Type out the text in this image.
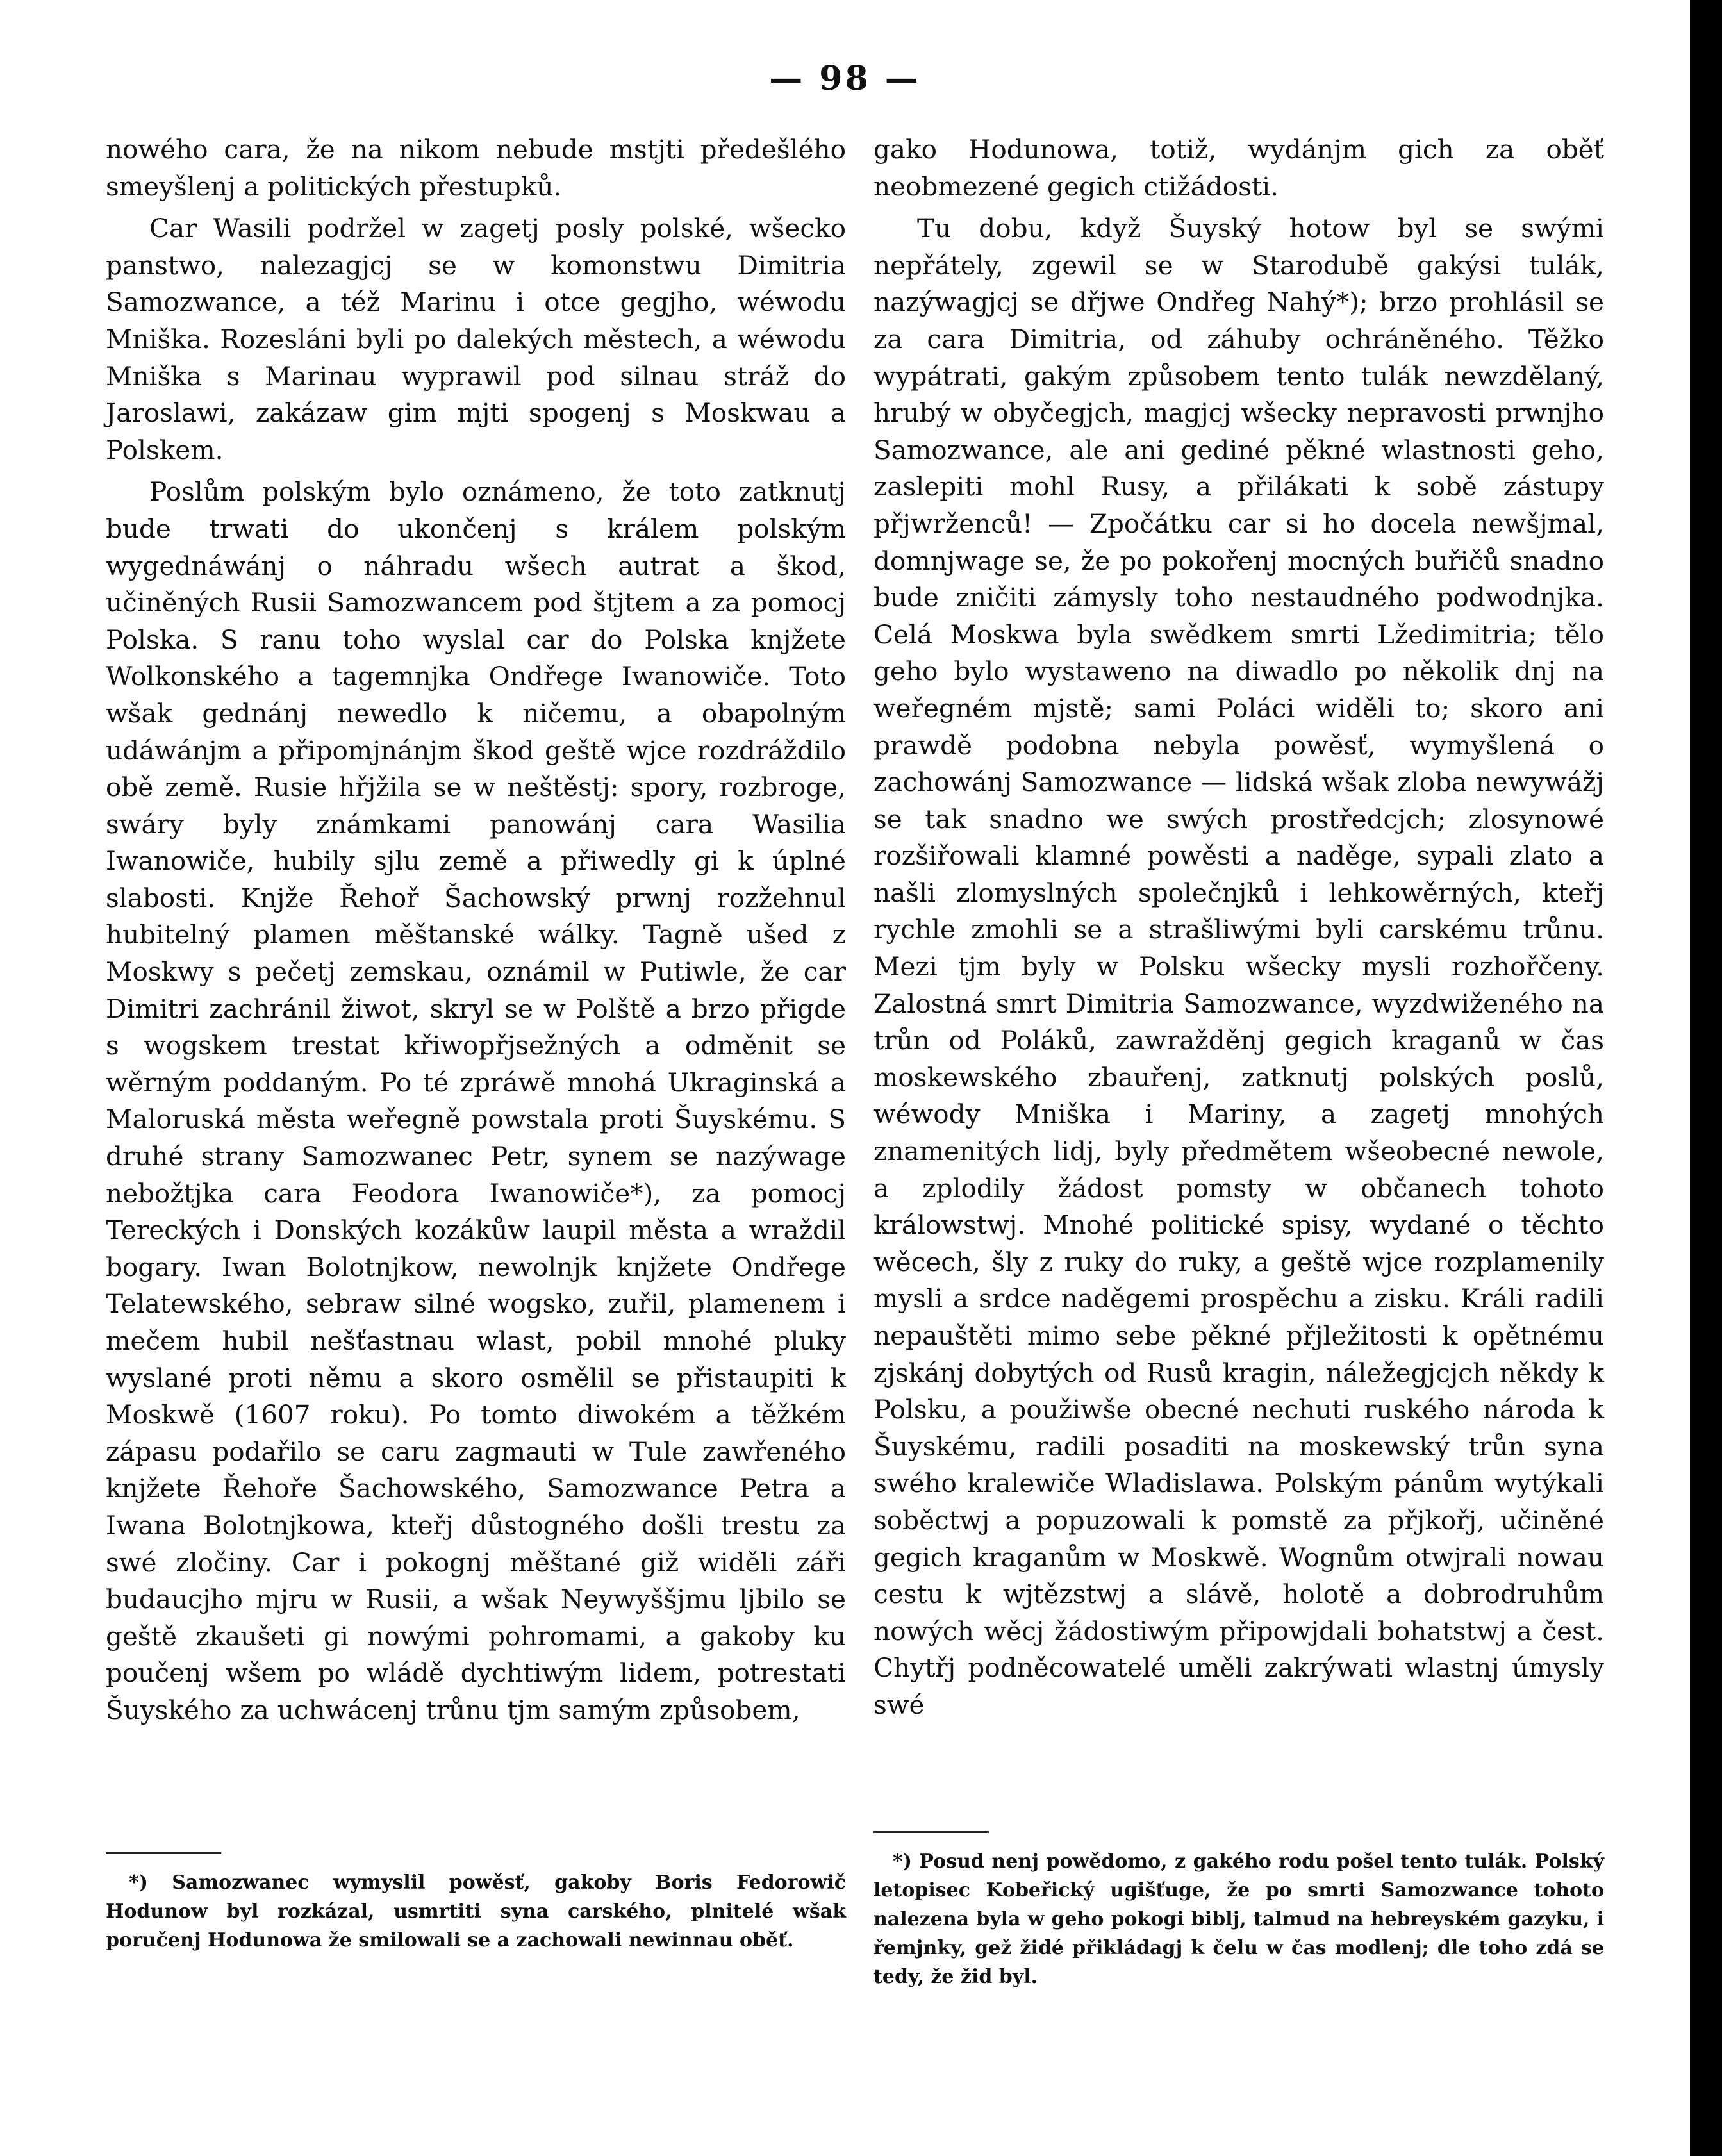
— 98 —

nowého cara, že na nikom nebude mstjti předešlého smeyšlenj a politických přestupků.

Car Wasili podržel w zagetj posly polské, wšecko panstwo, nalezagjcj se w komonstwu Dimitria Samozwance, a též Marinu i otce gegjho, wéwodu Mniška. Rozesláni byli po dalekých městech, a wéwodu Mniška s Marinau wyprawil pod silnau stráž do Jaroslawi, zakázaw gim mjti spogenj s Moskwau a Polskem.

Poslům polským bylo oznámeno, že toto zatknutj bude trwati do ukončenj s králem polským wygednáwánj o náhradu wšech autrat a škod, učiněných Rusii Samozwancem pod štjtem a za pomocj Polska. S ranu toho wyslal car do Polska knjžete Wolkonského a tagemnjka Ondřege Iwanowiče. Toto wšak gednánj newedlo k ničemu, a obapolným udáwánjm a připomjnánjm škod geště wjce rozdráždilo obě země. Rusie hřjžila se w neštěstj: spory, rozbroge, swáry byly známkami panowánj cara Wasilia Iwanowiče, hubily sjlu země a přiwedly gi k úplné slabosti. Knjže Řehoř Šachowský prwnj rozžehnul hubitelný plamen měštanské wálky. Tagně ušed z Moskwy s pečetj zemskau, oznámil w Putiwle, že car Dimitri zachránil žiwot, skryl se w Polště a brzo přigde s wogskem trestat křiwopřjsežných a odměnit se wěrným poddaným. Po té zpráwě mnohá Ukraginská a Maloruská města weřegně powstala proti Šuyskému. S druhé strany Samozwanec Petr, synem se nazýwage nebožtjka cara Feodora Iwanowiče*), za pomocj Tereckých i Donských kozákůw laupil města a wraždil bogary. Iwan Bolotnjkow, newolnjk knjžete Ondřege Telatewského, sebraw silné wogsko, zuřil, plamenem i mečem hubil nešťastnau wlast, pobil mnohé pluky wyslané proti němu a skoro osmělil se přistaupiti k Moskwě (1607 roku). Po tomto diwokém a těžkém zápasu podařilo se caru zagmauti w Tule zawřeného knjžete Řehoře Šachowského, Samozwance Petra a Iwana Bolotnjkowa, kteřj důstogného došli trestu za swé zločiny. Car i pokognj měštané giž widěli záři budaucjho mjru w Rusii, a wšak Neywyššjmu ljbilo se geště zkaušeti gi nowými pohromami, a gakoby ku poučenj wšem po wládě dychtiwým lidem, potrestati Šuyského za uchwácenj trůnu tjm samým způsobem,

gako Hodunowa, totiž, wydánjm gich za oběť neobmezené gegich ctižádosti.

Tu dobu, když Šuyský hotow byl se swými nepřátely, zgewil se w Starodubě gakýsi tulák, nazýwagjcj se dřjwe Ondřeg Nahý*); brzo prohlásil se za cara Dimitria, od záhuby ochráněného. Těžko wypátrati, gakým způsobem tento tulák newzdělaný, hrubý w obyčegjch, magjcj wšecky nepravosti prwnjho Samozwance, ale ani gediné pěkné wlastnosti geho, zaslepiti mohl Rusy, a přilákati k sobě zástupy přjwrženců! — Zpočátku car si ho docela newšjmal, domnjwage se, že po pokořenj mocných buřičů snadno bude zničiti zámysly toho nestaudného podwodnjka. Celá Moskwa byla swědkem smrti Lžedimitria; tělo geho bylo wystaweno na diwadlo po několik dnj na weřegném mjstě; sami Poláci widěli to; skoro ani prawdě podobna nebyla powěsť, wymyšlená o zachowánj Samozwance — lidská wšak zloba newywážj se tak snadno we swých prostředcjch; zlosynowé rozšiřowali klamné powěsti a naděge, sypali zlato a našli zlomyslných společnjků i lehkowěrných, kteřj rychle zmohli se a strašliwými byli carskému trůnu. Mezi tjm byly w Polsku wšecky mysli rozhořčeny. Zalostná smrt Dimitria Samozwance, wyzdwiženého na trůn od Poláků, zawražděnj gegich kraganů w čas moskewského zbauřenj, zatknutj polských poslů, wéwody Mniška i Mariny, a zagetj mnohých znamenitých lidj, byly předmětem wšeobecné newole, a zplodily žádost pomsty w občanech tohoto králowstwj. Mnohé politické spisy, wydané o těchto wěcech, šly z ruky do ruky, a geště wjce rozplamenily mysli a srdce naděgemi prospěchu a zisku. Králi radili nepauštěti mimo sebe pěkné přjležitosti k opětnému zjskánj dobytých od Rusů kragin, náležegjcjch někdy k Polsku, a použiwše obecné nechuti ruského národa k Šuyskému, radili posaditi na moskewský trůn syna swého kralewiče Wladislawa. Polským pánům wytýkali soběctwj a popuzowali k pomstě za přjkořj, učiněné gegich kraganům w Moskwě. Wognům otwjrali nowau cestu k wjtězstwj a slávě, holotě a dobrodruhům nowých wěcj žádostiwým připowjdali bohatstwj a čest. Chytřj podněcowatelé uměli zakrýwati wlastnj úmysly swé

*) Samozwanec wymyslil powěsť, gakoby Boris Fedorowič Hodunow byl rozkázal, usmrtiti syna carského, plnitelé wšak poručenj Hodunowa že smilowali se a zachowali newinnau oběť.
*) Posud nenj powědomo, z gakého rodu pošel tento tulák. Polský letopisec Kobeřický ugišťuge, že po smrti Samozwance tohoto nalezena byla w geho pokogi biblj, talmud na hebreyském gazyku, i řemjnky, gež židé přikládagj k čelu w čas modlenj; dle toho zdá se tedy, že žid byl.
